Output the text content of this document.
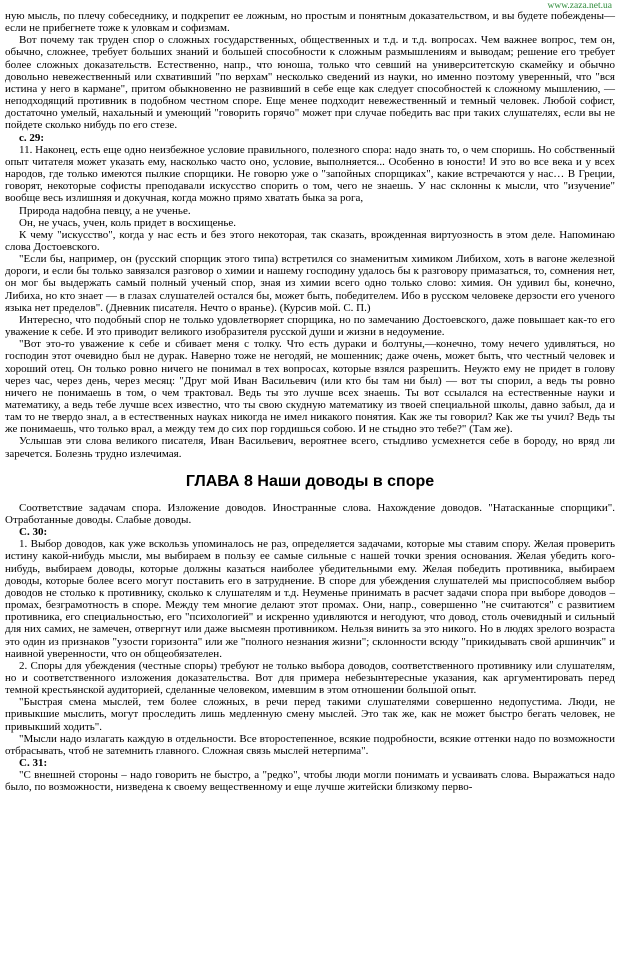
www.zaza.net.ua

ную мысль, по плечу собеседнику, и подкрепит ее ложным, но простым и понятным доказательством, и вы будете побеждены— если не прибегнете тоже к уловкам и софизмам.

Вот почему так труден спор о сложных государственных, общественных и т.д. и т.д. вопросах. Чем важнее вопрос, тем он, обычно, сложнее, требует больших знаний и большей способности к сложным размышлениям и выводам; решение его требует более сложных доказательств. Естественно, напр., что юноша, только что севший на университетскую скамейку и обычно довольно невежественный или схвативший "по верхам" несколько сведений из науки, но именно поэтому уверенный, что "вся истина у него в кармане", притом обыкновенно не развивший в себе еще как следует способностей к сложному мышлению, — неподходящий противник в подобном честном споре. Еще менее подходит невежественный и темный человек. Любой софист, достаточно умелый, нахальный и умеющий "говорить горячо" может при случае победить вас при таких слушателях, если вы не пойдете сколько нибудь по его стезе.

с. 29:

11. Наконец, есть еще одно неизбежное условие правильного, полезного спора: надо знать то, о чем споришь. Но собственный опыт читателя может указать ему, насколько часто оно, условие, выполняется... Особенно в юности! И это во все века и у всех народов, где только имеются пылкие спорщики. Не говорю уже о "запойных спорщиках", какие встречаются у нас… В Греции, говорят, некоторые софисты преподавали искусство спорить о том, чего не знаешь. У нас склонны к мысли, что "изучение" вообще весь излишняя и докучная, когда можно прямо хватать быка за рога,

Природа надобна певцу, а не ученье.

Он, не учась, учен, коль придет в восхищенье.

К чему "искусство", когда у нас есть и без этого некоторая, так сказать, врожденная виртуозность в этом деле. Напоминаю слова Достоевского.

"Если бы, например, он (русский спорщик этого типа) встретился со знаменитым химиком Либихом, хоть в вагоне железной дороги, и если бы только завязался разговор о химии и нашему господину удалось бы к разговору примазаться, то, сомнения нет, он мог бы выдержать самый полный ученый спор, зная из химии всего одно только слово: химия. Он удивил бы, конечно, Либиха, но кто знает — в глазах слушателей остался бы, может быть, победителем. Ибо в русском человеке дерзости его ученого языка нет пределов". (Дневник писателя. Нечто о вранье). (Курсив мой. С. П.)

Интересно, что подобный спор не только удовлетворяет спорщика, но по замечанию Достоевского, даже повышает как-то его уважение к себе. И это приводит великого изобразителя русской души и жизни в недоумение.

"Вот это-то уважение к себе и сбивает меня с толку. Что есть дураки и болтуны,—конечно, тому нечего удивляться, но господин этот очевидно был не дурак. Наверно тоже не негодяй, не мошенник; даже очень, может быть, что честный человек и хороший отец. Он только ровно ничего не понимал в тех вопросах, которые взялся разрешить. Неужто ему не придет в голову через час, через день, через месяц: "Друг мой Иван Васильевич (или кто бы там ни был) — вот ты спорил, а ведь ты ровно ничего не понимаешь в том, о чем трактовал. Ведь ты это лучше всех знаешь. Ты вот ссылался на естественные науки и математику, а ведь тебе лучше всех известно, что ты свою скудную математику из твоей специальной школы, давно забыл, да и там то не твердо знал, а в естественных науках никогда не имел никакого понятия. Как же ты говорил? Как же ты учил? Ведь ты же понимаешь, что только врал, а между тем до сих пор гордишься собою. И не стыдно это тебе?" (Там же).

Услышав эти слова великого писателя, Иван Васильевич, вероятнее всего, стыдливо усмехнется себе в бороду, но вряд ли заречется. Болезнь трудно излечимая.

ГЛАВА 8 Наши доводы в споре

Соответствие задачам спора. Изложение доводов. Иностранные слова. Нахождение доводов. "Натасканные спорщики". Отработанные доводы. Слабые доводы.

С. 30:

1. Выбор доводов, как уже вскользь упоминалось не раз, определяется задачами, которые мы ставим спору. Желая проверить истину какой-нибудь мысли, мы выбираем в пользу ее самые сильные с нашей точки зрения основания. Желая убедить кого-нибудь, выбираем доводы, которые должны казаться наиболее убедительными ему. Желая победить противника, выбираем доводы, которые более всего могут поставить его в затруднение. В спорe для убеждения слушателей мы приспособляем выбор доводов не столько к противнику, сколько к слушателям и т.д. Неуменье принимать в расчет задачи спора при выборе доводов – промах, безграмотность в споре. Между тем многие делают этот промах. Они, напр., совершенно "не считаются" с развитием противника, его специальностью, его "психологией" и искренно удивляются и негодуют, что довод, столь очевидный и сильный для них самих, не замечен, отвергнут или даже высмеян противником. Нельзя винить за это никого. Но в людях зрелого возраста это один из признаков "узости горизонта" или же "полного незнания жизни"; склонности всюду "прикидывать свой аршинчик" и наивной уверенности, что он общеобязателен.

2. Споры для убеждения (честные споры) требуют не только выбора доводов, соответственного противнику или слушателям, но и соответственного изложения доказательства. Вот для примера небезынтересные указания, как аргументировать перед темной крестьянской аудиторией, сделанные человеком, имевшим в этом отношении большой опыт.

"Быстрая смена мыслей, тем более сложных, в речи перед такими слушателями совершенно недопустима. Люди, не привыкшие мыслить, могут проследить лишь медленную смену мыслей. Это так же, как не может быстро бегать человек, не привыкший ходить".

"Мысли надо излагать каждую в отдельности. Все второстепенное, всякие подробности, всякие оттенки надо по возможности отбрасывать, чтоб не затемнить главного. Сложная связь мыслей нетерпима".

С. 31:

"С внешней стороны – надо говорить не быстро, а "редко", чтобы люди могли понимать и усваивать слова. Выражаться надо было, по возможности, низведена к своему вещественному и еще лучше житейски близкому перво-
